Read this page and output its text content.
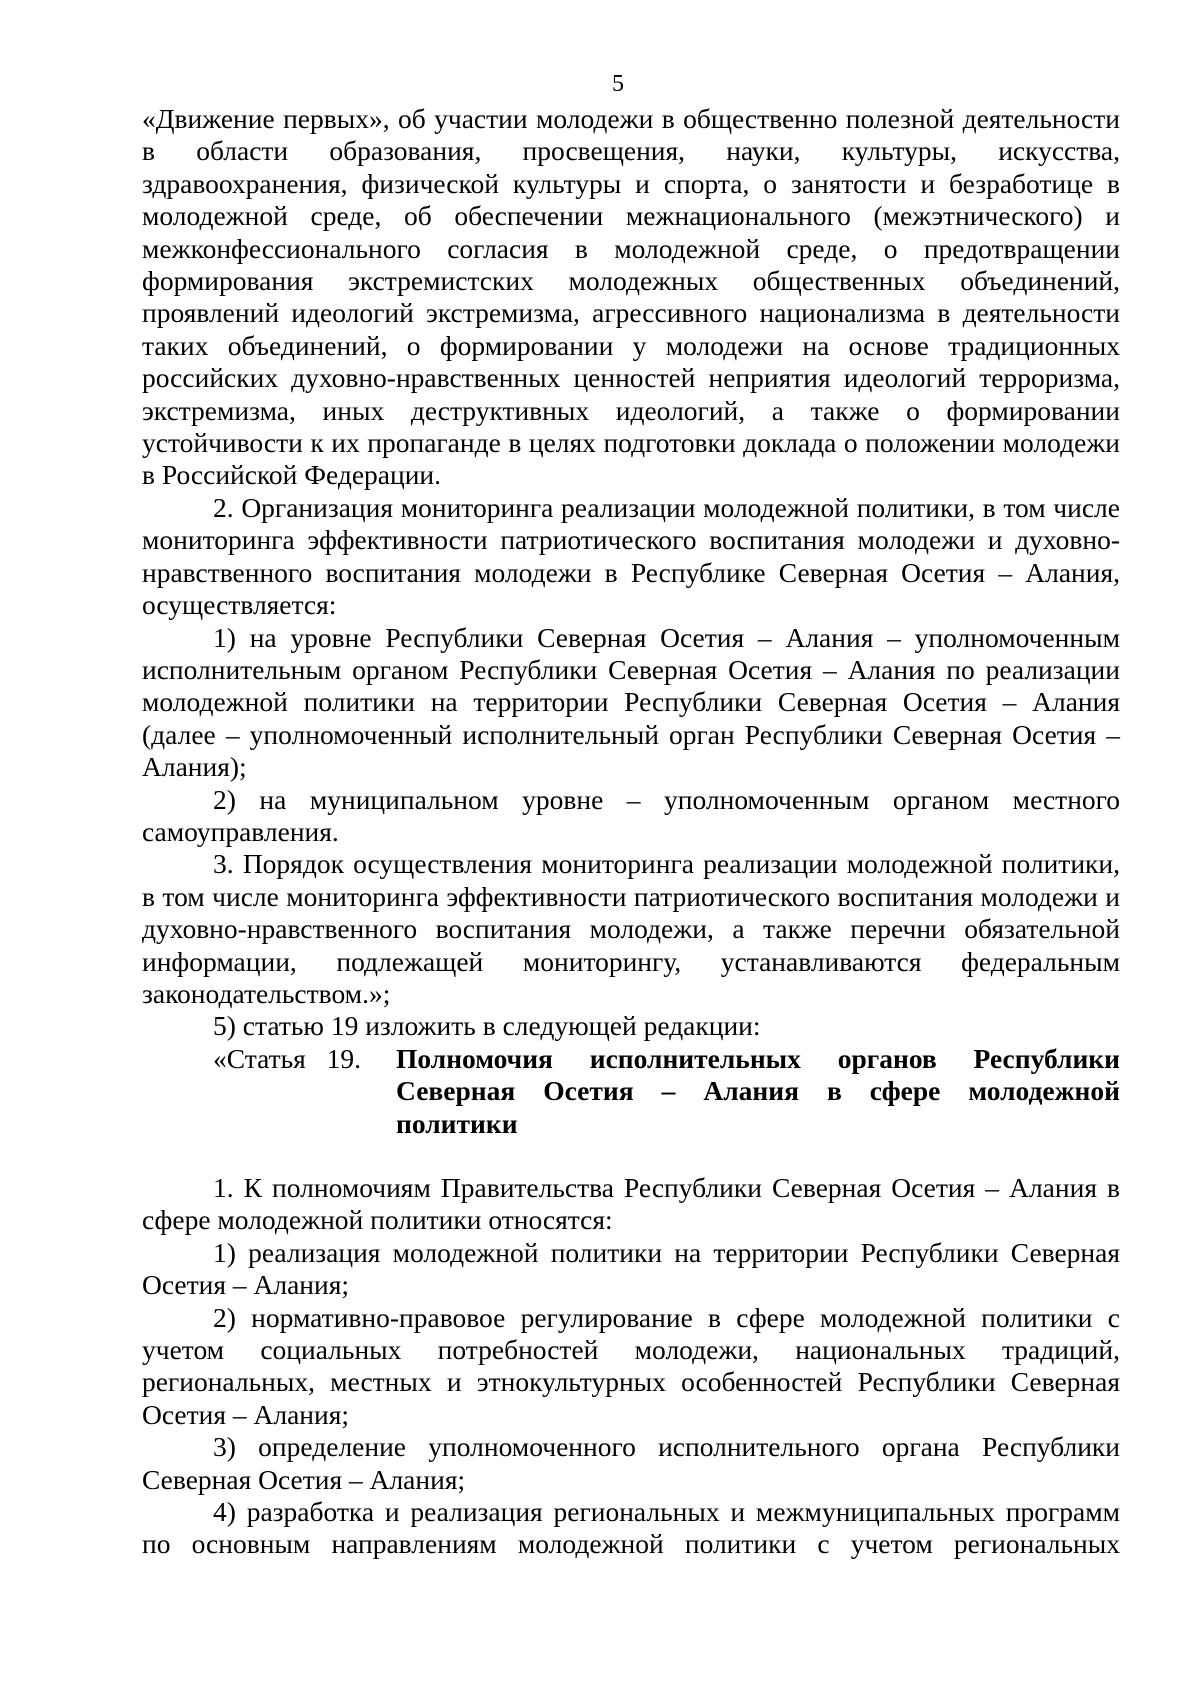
5

«Движение первых», об участии молодежи в общественно полезной деятельности в области образования, просвещения, науки, культуры, искусства, здравоохранения, физической культуры и спорта, о занятости и безработице в молодежной среде, об обеспечении межнационального (межэтнического) и межконфессионального согласия в молодежной среде, о предотвращении формирования экстремистских молодежных общественных объединений, проявлений идеологий экстремизма, агрессивного национализма в деятельности таких объединений, о формировании у молодежи на основе традиционных российских духовно-нравственных ценностей неприятия идеологий терроризма, экстремизма, иных деструктивных идеологий, а также о формировании устойчивости к их пропаганде в целях подготовки доклада о положении молодежи в Российской Федерации.

2. Организация мониторинга реализации молодежной политики, в том числе мониторинга эффективности патриотического воспитания молодежи и духовно-нравственного воспитания молодежи в Республике Северная Осетия – Алания, осуществляется:

1) на уровне Республики Северная Осетия – Алания – уполномоченным исполнительным органом Республики Северная Осетия – Алания по реализации молодежной политики на территории Республики Северная Осетия – Алания (далее – уполномоченный исполнительный орган Республики Северная Осетия – Алания);

2) на муниципальном уровне – уполномоченным органом местного самоуправления.

3. Порядок осуществления мониторинга реализации молодежной политики, в том числе мониторинга эффективности патриотического воспитания молодежи и духовно-нравственного воспитания молодежи, а также перечни обязательной информации, подлежащей мониторингу, устанавливаются федеральным законодательством.»;

5) статью 19 изложить в следующей редакции:

«Статья 19.	Полномочия исполнительных органов Республики Северная Осетия – Алания в сфере молодежной политики

1. К полномочиям Правительства Республики Северная Осетия – Алания в сфере молодежной политики относятся:

1) реализация молодежной политики на территории Республики Северная Осетия – Алания;

2) нормативно-правовое регулирование в сфере молодежной политики с учетом социальных потребностей молодежи, национальных традиций, региональных, местных и этнокультурных особенностей Республики Северная Осетия – Алания;

3) определение уполномоченного исполнительного органа Республики Северная Осетия – Алания;

4) разработка и реализация региональных и межмуниципальных программ по основным направлениям молодежной политики с учетом региональных
